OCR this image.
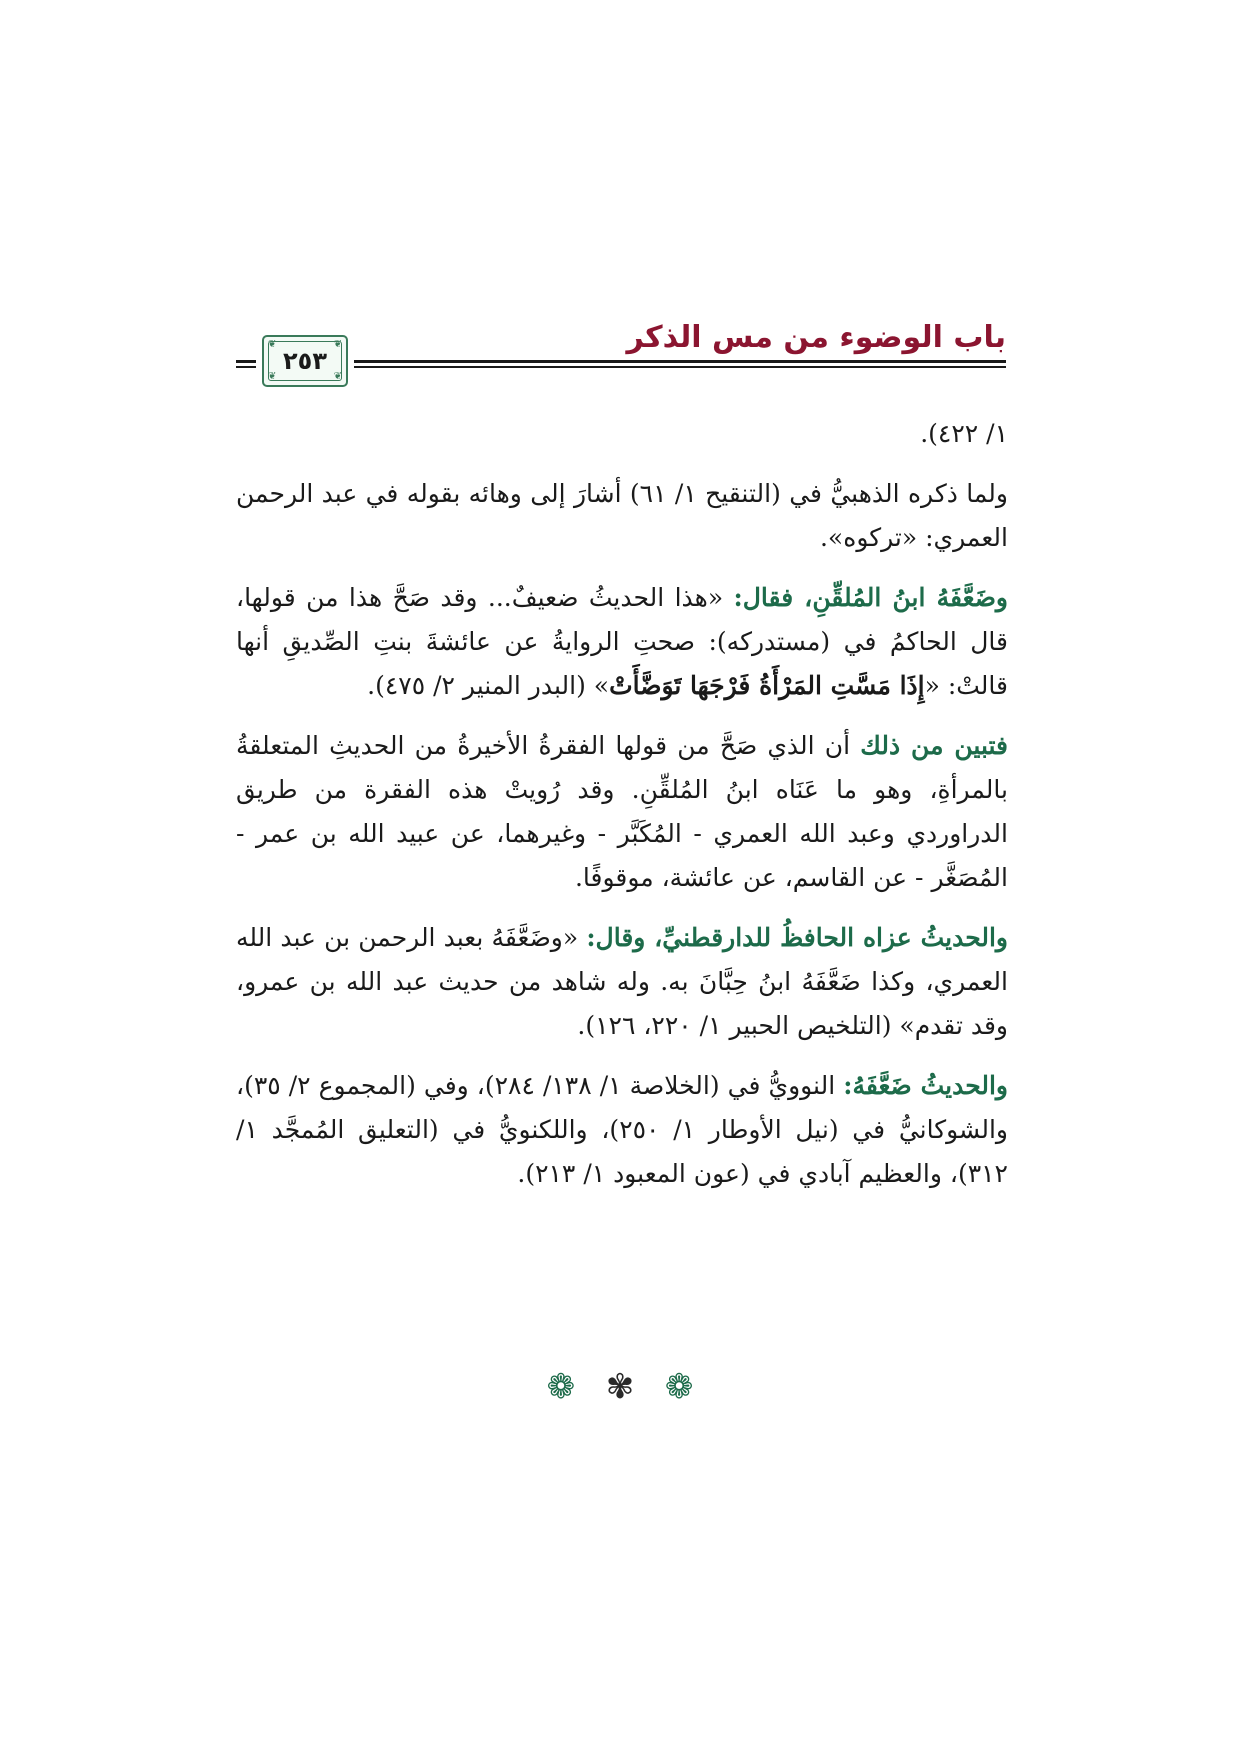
باب الوضوء من مس الذكر
❦	❦
❦	❦
٢٥٣

١/ ٤٢٢).

ولما ذكره الذهبيُّ في (التنقيح ١/ ٦١) أشارَ إلى وهائه بقوله في عبد الرحمن العمري: «تركوه».

وضَعَّفَهُ ابنُ المُلقِّنِ، فقال: «هذا الحديثُ ضعيفٌ... وقد صَحَّ هذا من قولها، قال الحاكمُ في (مستدركه): صحتِ الروايةُ عن عائشةَ بنتِ الصِّديقِ أنها قالتْ: «إِذَا مَسَّتِ المَرْأَةُ فَرْجَهَا تَوَضَّأَتْ» (البدر المنير ٢/ ٤٧٥).

فتبين من ذلك أن الذي صَحَّ من قولها الفقرةُ الأخيرةُ من الحديثِ المتعلقةُ بالمرأةِ، وهو ما عَنَاه ابنُ المُلقِّنِ. وقد رُويتْ هذه الفقرة من طريق الدراوردي وعبد الله العمري - المُكَبَّر - وغيرهما، عن عبيد الله بن عمر - المُصَغَّر - عن القاسم، عن عائشة، موقوفًا.

والحديثُ عزاه الحافظُ للدارقطنيِّ، وقال: «وضَعَّفَهُ بعبد الرحمن بن عبد الله العمري، وكذا ضَعَّفَهُ ابنُ حِبَّانَ به. وله شاهد من حديث عبد الله بن عمرو، وقد تقدم» (التلخيص الحبير ١/ ٢٢٠، ١٢٦).

والحديثُ ضَعَّفَهُ: النوويُّ في (الخلاصة ١/ ١٣٨/ ٢٨٤)، وفي (المجموع ٢/ ٣٥)، والشوكانيُّ في (نيل الأوطار ١/ ٢٥٠)، واللكنويُّ في (التعليق المُمجَّد ١/ ٣١٢)، والعظيم آبادي في (عون المعبود ١/ ٢١٣).

❁ ✾ ❁
